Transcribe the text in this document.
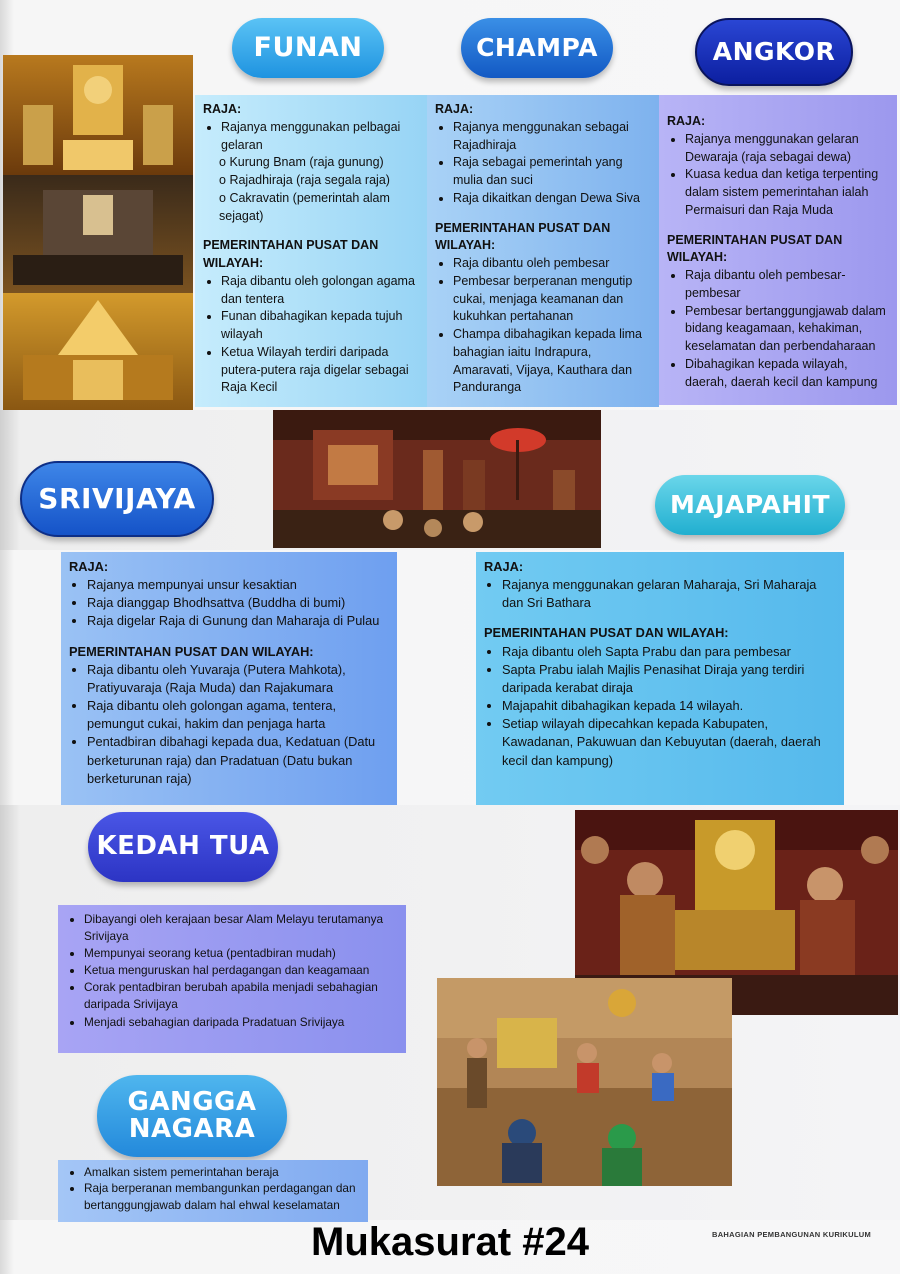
FUNAN	CHAMPA	ANGKOR
RAJA:
• Rajanya menggunakan pelbagai gelaran
o Kurung Bnam (raja gunung)
o Rajadhiraja (raja segala raja)
o Cakravatin (pemerintah alam sejagat)
PEMERINTAHAN PUSAT DAN WILAYAH:
• Raja dibantu oleh golongan agama dan tentera
• Funan dibahagikan kepada tujuh wilayah
• Ketua Wilayah terdiri daripada putera-putera raja digelar sebagai Raja Kecil
RAJA:
• Rajanya menggunakan sebagai Rajadhiraja
• Raja sebagai pemerintah yang mulia dan suci
• Raja dikaitkan dengan Dewa Siva
PEMERINTAHAN PUSAT DAN WILAYAH:
• Raja dibantu oleh pembesar
• Pembesar berperanan mengutip cukai, menjaga keamanan dan kukuhkan pertahanan
• Champa dibahagikan kepada lima bahagian iaitu Indrapura, Amaravati, Vijaya, Kauthara dan Panduranga
RAJA:
• Rajanya menggunakan gelaran Dewaraja (raja sebagai dewa)
• Kuasa kedua dan ketiga terpenting dalam sistem pemerintahan ialah Permaisuri dan Raja Muda
PEMERINTAHAN PUSAT DAN WILAYAH:
• Raja dibantu oleh pembesar-pembesar
• Pembesar bertanggungjawab dalam bidang keagamaan, kehakiman, keselamatan dan perbendaharaan
• Dibahagikan kepada wilayah, daerah, daerah kecil dan kampung
SRIVIJAYA	MAJAPAHIT
RAJA:
• Rajanya mempunyai unsur kesaktian
• Raja dianggap Bhodhsattva (Buddha di bumi)
• Raja digelar Raja di Gunung dan Maharaja di Pulau
PEMERINTAHAN PUSAT DAN WILAYAH:
• Raja dibantu oleh Yuvaraja (Putera Mahkota), Pratiyuvaraja (Raja Muda) dan Rajakumara
• Raja dibantu oleh golongan agama, tentera, pemungut cukai, hakim dan penjaga harta
• Pentadbiran dibahagi kepada dua, Kedatuan (Datu berketurunan raja) dan Pradatuan (Datu bukan berketurunan raja)
RAJA:
• Rajanya menggunakan gelaran Maharaja, Sri Maharaja dan Sri Bathara
PEMERINTAHAN PUSAT DAN WILAYAH:
• Raja dibantu oleh Sapta Prabu dan para pembesar
• Sapta Prabu ialah Majlis Penasihat Diraja yang terdiri daripada kerabat diraja
• Majapahit dibahagikan kepada 14 wilayah.
• Setiap wilayah dipecahkan kepada Kabupaten, Kawadanan, Pakuwuan dan Kebuyutan (daerah, daerah kecil dan kampung)
KEDAH TUA
• Dibayangi oleh kerajaan besar Alam Melayu terutamanya Srivijaya
• Mempunyai seorang ketua (pentadbiran mudah)
• Ketua menguruskan hal perdagangan dan keagamaan
• Corak pentadbiran berubah apabila menjadi sebahagian daripada Srivijaya
• Menjadi sebahagian daripada Pradatuan Srivijaya
GANGGA
NAGARA
• Amalkan sistem pemerintahan beraja
• Raja berperanan membangunkan perdagangan dan bertanggungjawab dalam hal ehwal keselamatan
BAHAGIAN PEMBANGUNAN KURIKULUM
Mukasurat #24
